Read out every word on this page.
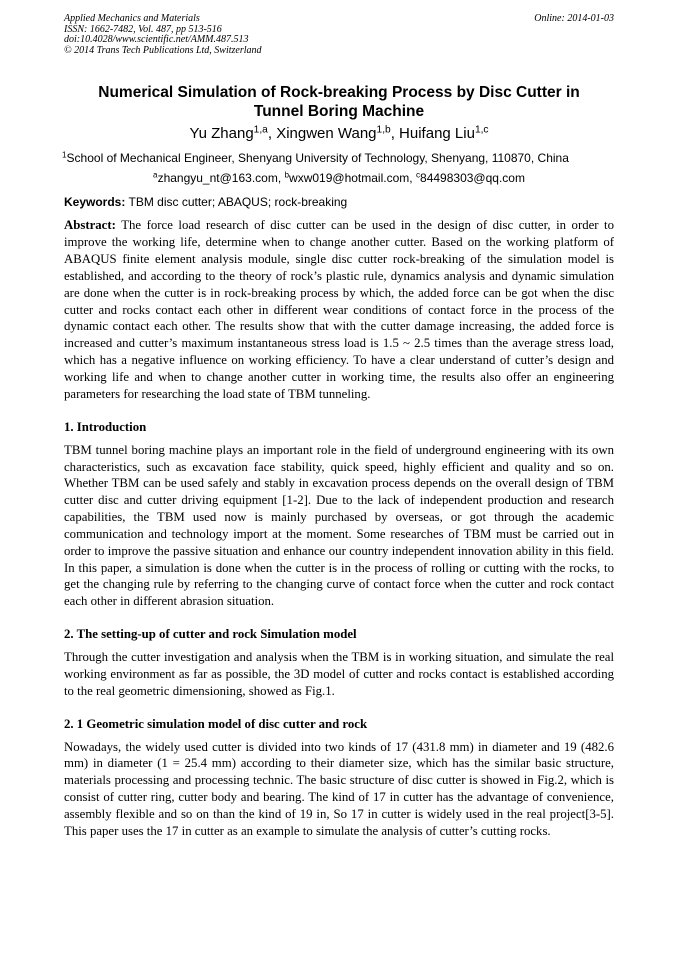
Applied Mechanics and Materials
ISSN: 1662-7482, Vol. 487, pp 513-516
doi:10.4028/www.scientific.net/AMM.487.513
© 2014 Trans Tech Publications Ltd, Switzerland
Online: 2014-01-03
Numerical Simulation of Rock-breaking Process by Disc Cutter in Tunnel Boring Machine
Yu Zhang$^{1,a}$, Xingwen Wang$^{1,b}$, Huifang Liu$^{1,c}$
$^1$School of Mechanical Engineer, Shenyang University of Technology, Shenyang, 110870, China
$^a$zhangyu_nt@163.com, $^b$wxw019@hotmail.com, $^c$84498303@qq.com
Keywords: TBM disc cutter; ABAQUS; rock-breaking

Abstract: The force load research of disc cutter can be used in the design of disc cutter, in order to improve the working life, determine when to change another cutter. Based on the working platform of ABAQUS finite element analysis module, single disc cutter rock-breaking of the simulation model is established, and according to the theory of rock’s plastic rule, dynamics analysis and dynamic simulation are done when the cutter is in rock-breaking process by which, the added force can be got when the disc cutter and rocks contact each other in different wear conditions of contact force in the process of the dynamic contact each other. The results show that with the cutter damage increasing, the added force is increased and cutter’s maximum instantaneous stress load is 1.5 ~ 2.5 times than the average stress load, which has a negative influence on working efficiency. To have a clear understand of cutter’s design and working life and when to change another cutter in working time, the results also offer an engineering parameters for researching the load state of TBM tunneling.

1. Introduction

TBM tunnel boring machine plays an important role in the field of underground engineering with its own characteristics, such as excavation face stability, quick speed, highly efficient and quality and so on. Whether TBM can be used safely and stably in excavation process depends on the overall design of TBM cutter disc and cutter driving equipment [1-2]. Due to the lack of independent production and research capabilities, the TBM used now is mainly purchased by overseas, or got through the academic communication and technology import at the moment. Some researches of TBM must be carried out in order to improve the passive situation and enhance our country independent innovation ability in this field. In this paper, a simulation is done when the cutter is in the process of rolling or cutting with the rocks, to get the changing rule by referring to the changing curve of contact force when the cutter and rock contact each other in different abrasion situation.

2. The setting-up of cutter and rock Simulation model

Through the cutter investigation and analysis when the TBM is in working situation, and simulate the real working environment as far as possible, the 3D model of cutter and rocks contact is established according to the real geometric dimensioning, showed as Fig.1.

2. 1 Geometric simulation model of disc cutter and rock

Nowadays, the widely used cutter is divided into two kinds of 17 (431.8 mm) in diameter and 19 (482.6 mm) in diameter (1 = 25.4 mm) according to their diameter size, which has the similar basic structure, materials processing and processing technic. The basic structure of disc cutter is showed in Fig.2, which is consist of cutter ring, cutter body and bearing. The kind of 17 in cutter has the advantage of convenience, assembly flexible and so on than the kind of 19 in, So 17 in cutter is widely used in the real project[3-5]. This paper uses the 17 in cutter as an example to simulate the analysis of cutter’s cutting rocks.
